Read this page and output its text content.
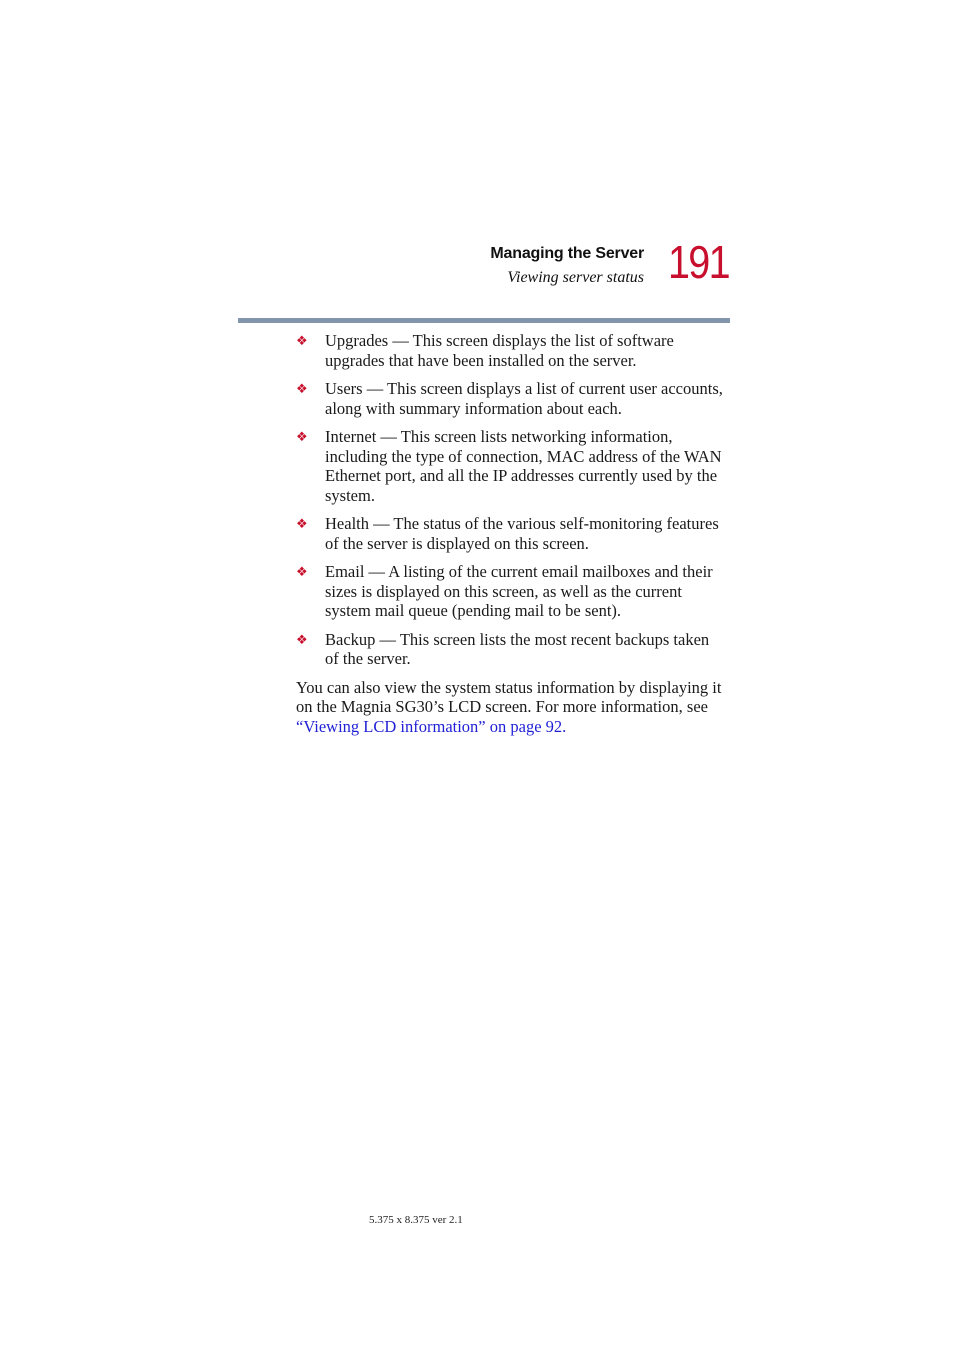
Managing the Server
Viewing server status 191
❖ Upgrades — This screen displays the list of software upgrades that have been installed on the server.
❖ Users — This screen displays a list of current user accounts, along with summary information about each.
❖ Internet — This screen lists networking information, including the type of connection, MAC address of the WAN Ethernet port, and all the IP addresses currently used by the system.
❖ Health — The status of the various self-monitoring features of the server is displayed on this screen.
❖ Email — A listing of the current email mailboxes and their sizes is displayed on this screen, as well as the current system mail queue (pending mail to be sent).
❖ Backup — This screen lists the most recent backups taken of the server.

You can also view the system status information by displaying it on the Magnia SG30’s LCD screen. For more information, see “Viewing LCD information” on page 92.

5.375 x 8.375 ver 2.1
